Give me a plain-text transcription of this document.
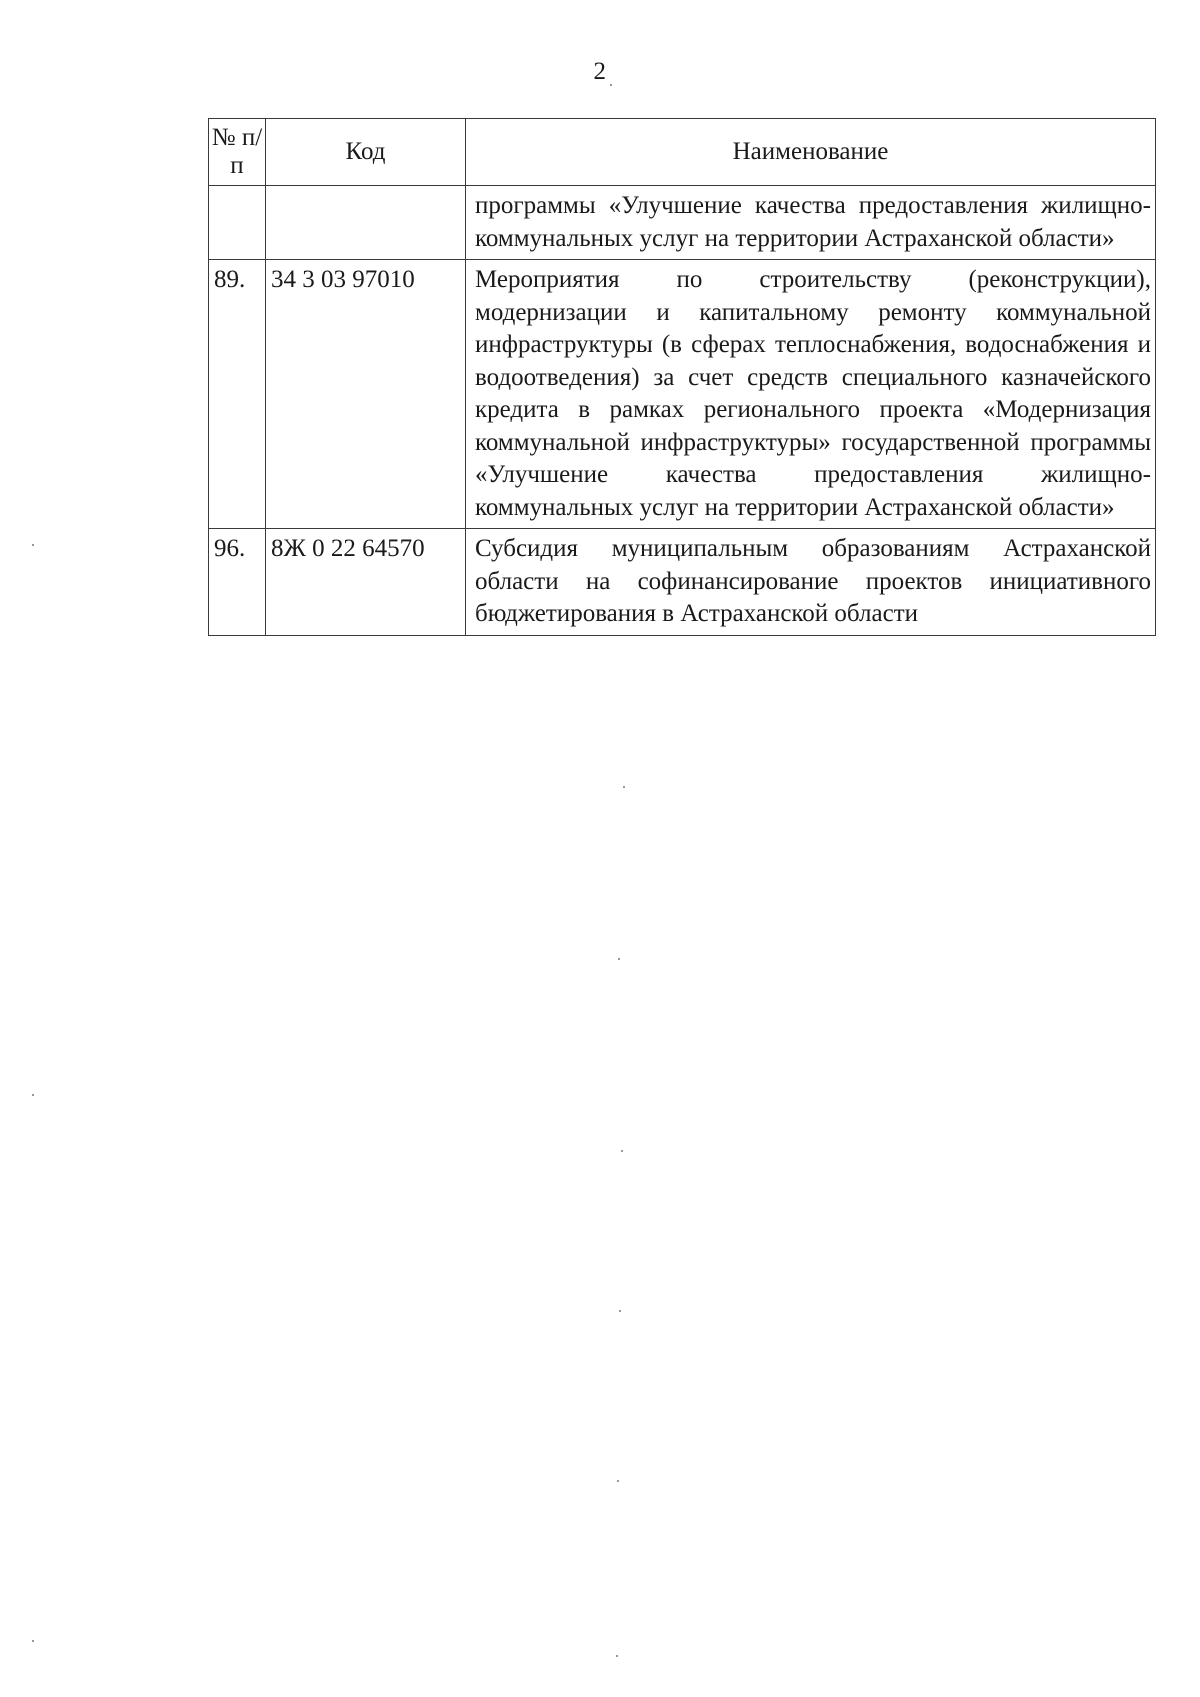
2
№ п/п	Код	Наименование
		программы «Улучшение качества предоставления жилищно-коммунальных услуг на территории Астраханской области»
89.	34 3 03 97010	Мероприятия по строительству (реконструкции), модернизации и капитальному ремонту коммунальной инфраструктуры (в сферах теплоснабжения, водоснабжения и водоотведения) за счет средств специального казначейского кредита в рамках регионального проекта «Модернизация коммунальной инфраструктуры» государственной программы «Улучшение качества предоставления жилищно-коммунальных услуг на территории Астраханской области»
96.	8Ж 0 22 64570	Субсидия муниципальным образованиям Астраханской области на софинансирование проектов инициативного бюджетирования в Астраханской области
